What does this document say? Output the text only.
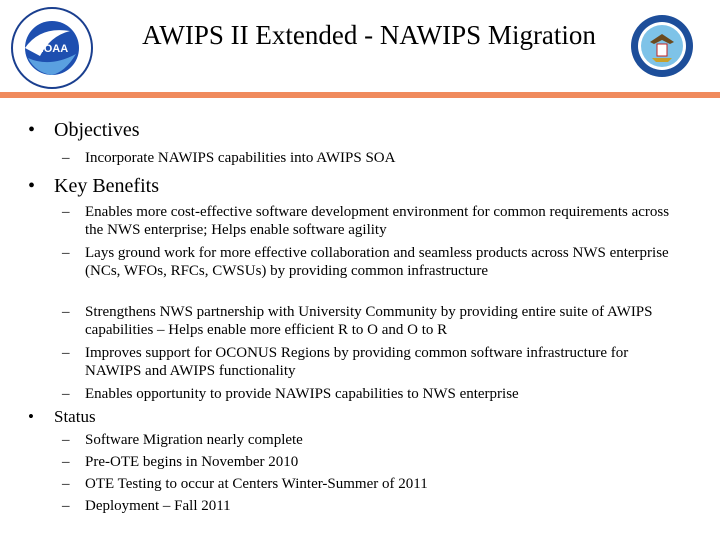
NOAA	AWIPS II Extended - NAWIPS Migration
• Objectives
– Incorporate NAWIPS capabilities into AWIPS SOA
• Key Benefits
– Enables more cost-effective software development environment for common requirements across the NWS enterprise; Helps enable software agility
– Lays ground work for more effective collaboration and seamless products across NWS enterprise (NCs, WFOs, RFCs, CWSUs) by providing common infrastructure
– Strengthens NWS partnership with University Community by providing entire suite of AWIPS capabilities – Helps enable more efficient R to O and O to R
– Improves support for OCONUS Regions by providing common software infrastructure for NAWIPS and AWIPS functionality
– Enables opportunity to provide NAWIPS capabilities to NWS enterprise
• Status
– Software Migration nearly complete
– Pre-OTE begins in November 2010
– OTE Testing to occur at Centers Winter-Summer of 2011
– Deployment – Fall 2011
